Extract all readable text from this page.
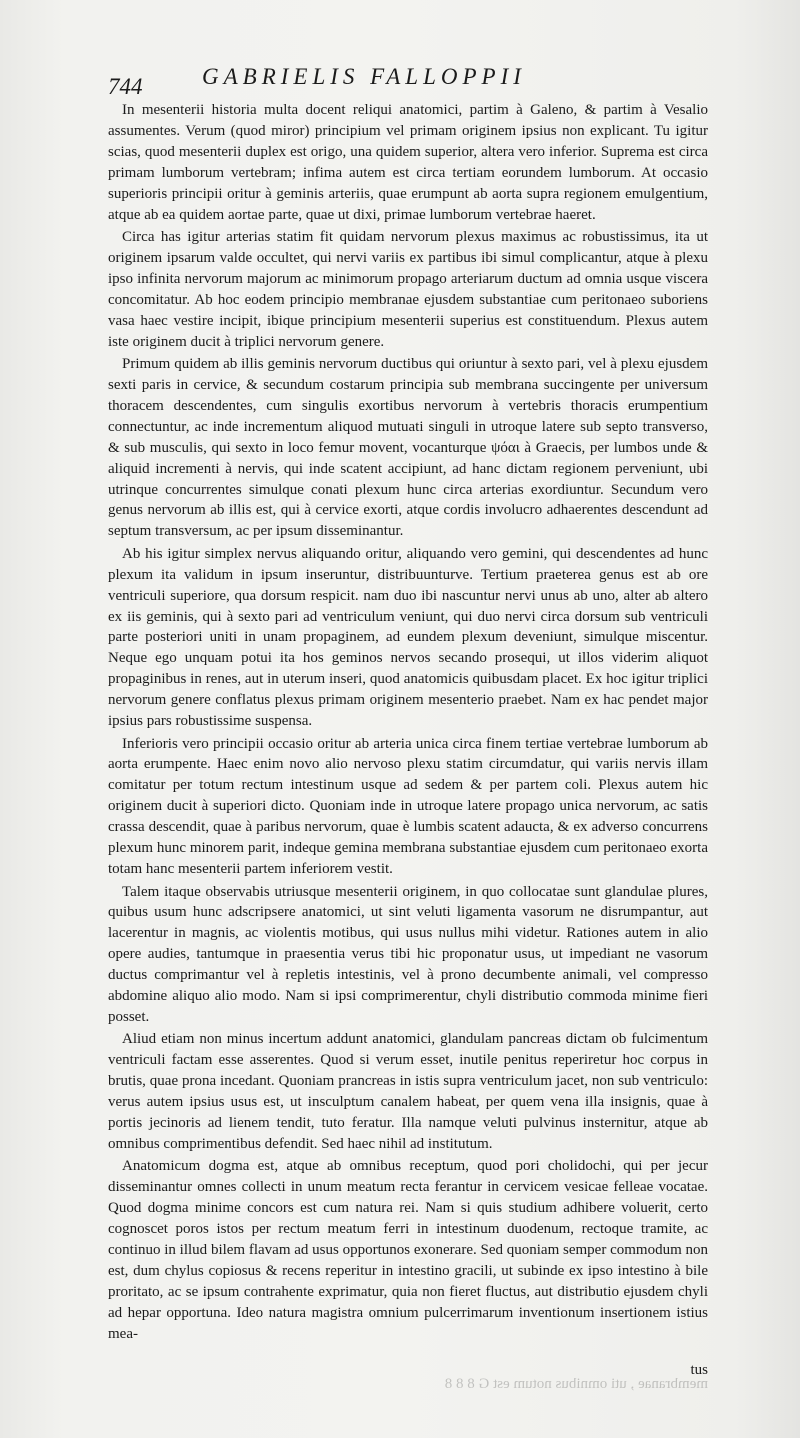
744	GABRIELIS FALLOPPII

In mesenterii historia multa docent reliqui anatomici, partim à Galeno, & partim à Vesalio assumentes. Verum (quod miror) principium vel primam originem ipsius non explicant. Tu igitur scias, quod mesenterii duplex est origo, una quidem superior, altera vero inferior. Suprema est circa primam lumborum vertebram; infima autem est circa tertiam eorundem lumborum. At occasio superioris principii oritur à geminis arteriis, quae erumpunt ab aorta supra regionem emulgentium, atque ab ea quidem aortae parte, quae ut dixi, primae lumborum vertebrae haeret.

Circa has igitur arterias statim fit quidam nervorum plexus maximus ac robustissimus, ita ut originem ipsarum valde occultet, qui nervi variis ex partibus ibi simul complicantur, atque à plexu ipso infinita nervorum majorum ac minimorum propago arteriarum ductum ad omnia usque viscera concomitatur. Ab hoc eodem principio membranae ejusdem substantiae cum peritonaeo suboriens vasa haec vestire incipit, ibique principium mesenterii superius est constituendum. Plexus autem iste originem ducit à triplici nervorum genere.

Primum quidem ab illis geminis nervorum ductibus qui oriuntur à sexto pari, vel à plexu ejusdem sexti paris in cervice, & secundum costarum principia sub membrana succingente per universum thoracem descendentes, cum singulis exortibus nervorum à vertebris thoracis erumpentium connectuntur, ac inde incrementum aliquod mutuati singuli in utroque latere sub septo transverso, & sub musculis, qui sexto in loco femur movent, vocanturque ψόαι à Graecis, per lumbos unde & aliquid incrementi à nervis, qui inde scatent accipiunt, ad hanc dictam regionem perveniunt, ubi utrinque concurrentes simulque conati plexum hunc circa arterias exordiuntur. Secundum vero genus nervorum ab illis est, qui à cervice exorti, atque cordis involucro adhaerentes descendunt ad septum transversum, ac per ipsum disseminantur.

Ab his igitur simplex nervus aliquando oritur, aliquando vero gemini, qui descendentes ad hunc plexum ita validum in ipsum inseruntur, distribuunturve. Tertium praeterea genus est ab ore ventriculi superiore, qua dorsum respicit. nam duo ibi nascuntur nervi unus ab uno, alter ab altero ex iis geminis, qui à sexto pari ad ventriculum veniunt, qui duo nervi circa dorsum sub ventriculi parte posteriori uniti in unam propaginem, ad eundem plexum deveniunt, simulque miscentur. Neque ego unquam potui ita hos geminos nervos secando prosequi, ut illos viderim aliquot propaginibus in renes, aut in uterum inseri, quod anatomicis quibusdam placet. Ex hoc igitur triplici nervorum genere conflatus plexus primam originem mesenterio praebet. Nam ex hac pendet major ipsius pars robustissime suspensa.

Inferioris vero principii occasio oritur ab arteria unica circa finem tertiae vertebrae lumborum ab aorta erumpente. Haec enim novo alio nervoso plexu statim circumdatur, qui variis nervis illam comitatur per totum rectum intestinum usque ad sedem & per partem coli. Plexus autem hic originem ducit à superiori dicto. Quoniam inde in utroque latere propago unica nervorum, ac satis crassa descendit, quae à paribus nervorum, quae è lumbis scatent adaucta, & ex adverso concurrens plexum hunc minorem parit, indeque gemina membrana substantiae ejusdem cum peritonaeo exorta totam hanc mesenterii partem inferiorem vestit.

Talem itaque observabis utriusque mesenterii originem, in quo collocatae sunt glandulae plures, quibus usum hunc adscripsere anatomici, ut sint veluti ligamenta vasorum ne disrumpantur, aut lacerentur in magnis, ac violentis motibus, qui usus nullus mihi videtur. Rationes autem in alio opere audies, tantumque in praesentia verus tibi hic proponatur usus, ut impediant ne vasorum ductus comprimantur vel à repletis intestinis, vel à prono decumbente animali, vel compresso abdomine aliquo alio modo. Nam si ipsi comprimerentur, chyli distributio commoda minime fieri posset.

Aliud etiam non minus incertum addunt anatomici, glandulam pancreas dictam ob fulcimentum ventriculi factam esse asserentes. Quod si verum esset, inutile penitus reperiretur hoc corpus in brutis, quae prona incedant. Quoniam prancreas in istis supra ventriculum jacet, non sub ventriculo: verus autem ipsius usus est, ut insculptum canalem habeat, per quem vena illa insignis, quae à portis jecinoris ad lienem tendit, tuto feratur. Illa namque veluti pulvinus insternitur, atque ab omnibus comprimentibus defendit. Sed haec nihil ad institutum.

Anatomicum dogma est, atque ab omnibus receptum, quod pori cholidochi, qui per jecur disseminantur omnes collecti in unum meatum recta ferantur in cervicem vesicae felleae vocatae. Quod dogma minime concors est cum natura rei. Nam si quis studium adhibere voluerit, certo cognoscet poros istos per rectum meatum ferri in intestinum duodenum, rectoque tramite, ac continuo in illud bilem flavam ad usus opportunos exonerare. Sed quoniam semper commodum non est, dum chylus copiosus & recens reperitur in intestino gracili, ut subinde ex ipso intestino à bile proritato, ac se ipsum contrahente exprimatur, quia non fieret fluctus, aut distributio ejusdem chyli ad hepar opportuna. Ideo natura magistra omnium pulcerrimarum inventionum insertionem istius mea-

tus
membranae , uti omnibus notum est G 8 8 8
